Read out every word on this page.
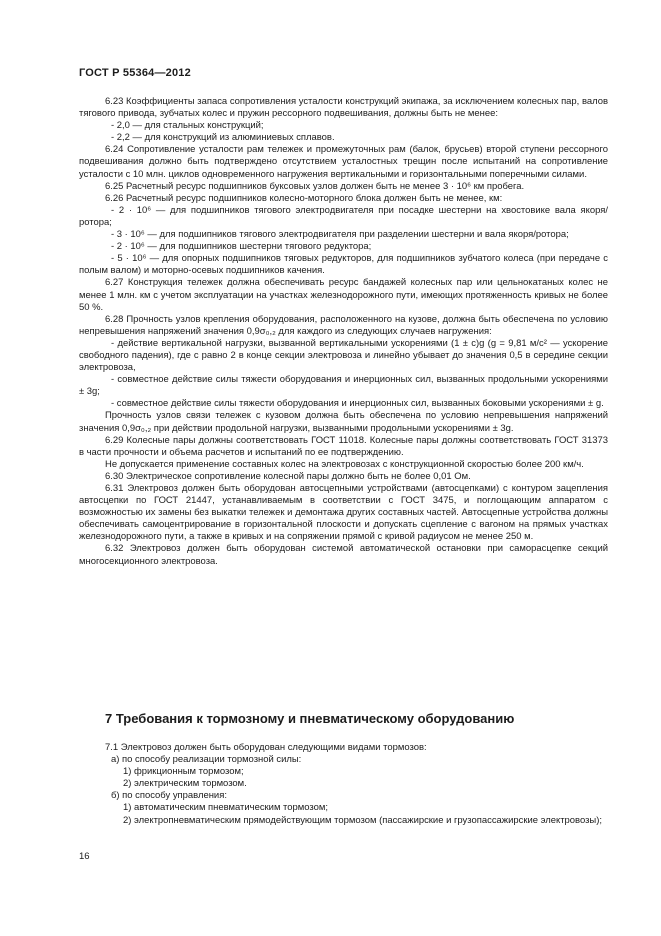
ГОСТ Р 55364—2012

6.23 Коэффициенты запаса сопротивления усталости конструкций экипажа, за исключением колесных пар, валов тягового привода, зубчатых колес и пружин рессорного подвешивания, должны быть не менее:

- 2,0 — для стальных конструкций;

- 2,2 — для конструкций из алюминиевых сплавов.

6.24 Сопротивление усталости рам тележек и промежуточных рам (балок, брусьев) второй ступени рессорного подвешивания должно быть подтверждено отсутствием усталостных трещин после испытаний на сопротивление усталости с 10 млн. циклов одновременного нагружения вертикальными и горизонтальными поперечными силами.

6.25 Расчетный ресурс подшипников буксовых узлов должен быть не менее 3 · 10⁶ км пробега.

6.26 Расчетный ресурс подшипников колесно-моторного блока должен быть не менее, км:

- 2 · 10⁶ — для подшипников тягового электродвигателя при посадке шестерни на хвостовике вала якоря/ротора;

- 3 · 10⁶ — для подшипников тягового электродвигателя при разделении шестерни и вала якоря/ротора;

- 2 · 10⁶ — для подшипников шестерни тягового редуктора;

- 5 · 10⁶ — для опорных подшипников тяговых редукторов, для подшипников зубчатого колеса (при передаче с полым валом) и моторно-осевых подшипников качения.

6.27 Конструкция тележек должна обеспечивать ресурс бандажей колесных пар или цельнокатаных колес не менее 1 млн. км с учетом эксплуатации на участках железнодорожного пути, имеющих протяженность кривых не более 50 %.

6.28 Прочность узлов крепления оборудования, расположенного на кузове, должна быть обеспечена по условию непревышения напряжений значения 0,9σ₀,₂ для каждого из следующих случаев нагружения:

- действие вертикальной нагрузки, вызванной вертикальными ускорениями (1 ± c)g (g = 9,81 м/с² — ускорение свободного падения), где c равно 2 в конце секции электровоза и линейно убывает до значения 0,5 в середине секции электровоза,

- совместное действие силы тяжести оборудования и инерционных сил, вызванных продольными ускорениями ± 3g;

- совместное действие силы тяжести оборудования и инерционных сил, вызванных боковыми ускорениями ± g.

Прочность узлов связи тележек с кузовом должна быть обеспечена по условию непревышения напряжений значения 0,9σ₀,₂ при действии продольной нагрузки, вызванными продольными ускорениями ± 3g.

6.29 Колесные пары должны соответствовать ГОСТ 11018. Колесные пары должны соответствовать ГОСТ 31373 в части прочности и объема расчетов и испытаний по ее подтверждению.

Не допускается применение составных колес на электровозах с конструкционной скоростью более 200 км/ч.

6.30 Электрическое сопротивление колесной пары должно быть не более 0,01 Ом.

6.31 Электровоз должен быть оборудован автосцепными устройствами (автосцепками) с контуром зацепления автосцепки по ГОСТ 21447, устанавливаемым в соответствии с ГОСТ 3475, и поглощающим аппаратом с возможностью их замены без выкатки тележек и демонтажа других составных частей. Автосцепные устройства должны обеспечивать самоцентрирование в горизонтальной плоскости и допускать сцепление с вагоном на прямых участках железнодорожного пути, а также в кривых и на сопряжении прямой с кривой радиусом не менее 250 м.

6.32 Электровоз должен быть оборудован системой автоматической остановки при саморасцепке секций многосекционного электровоза.

7 Требования к тормозному и пневматическому оборудованию

7.1 Электровоз должен быть оборудован следующими видами тормозов:

а) по способу реализации тормозной силы:

1) фрикционным тормозом;

2) электрическим тормозом.

б) по способу управления:

1) автоматическим пневматическим тормозом;

2) электропневматическим прямодействующим тормозом (пассажирские и грузопассажирские электровозы);

16
